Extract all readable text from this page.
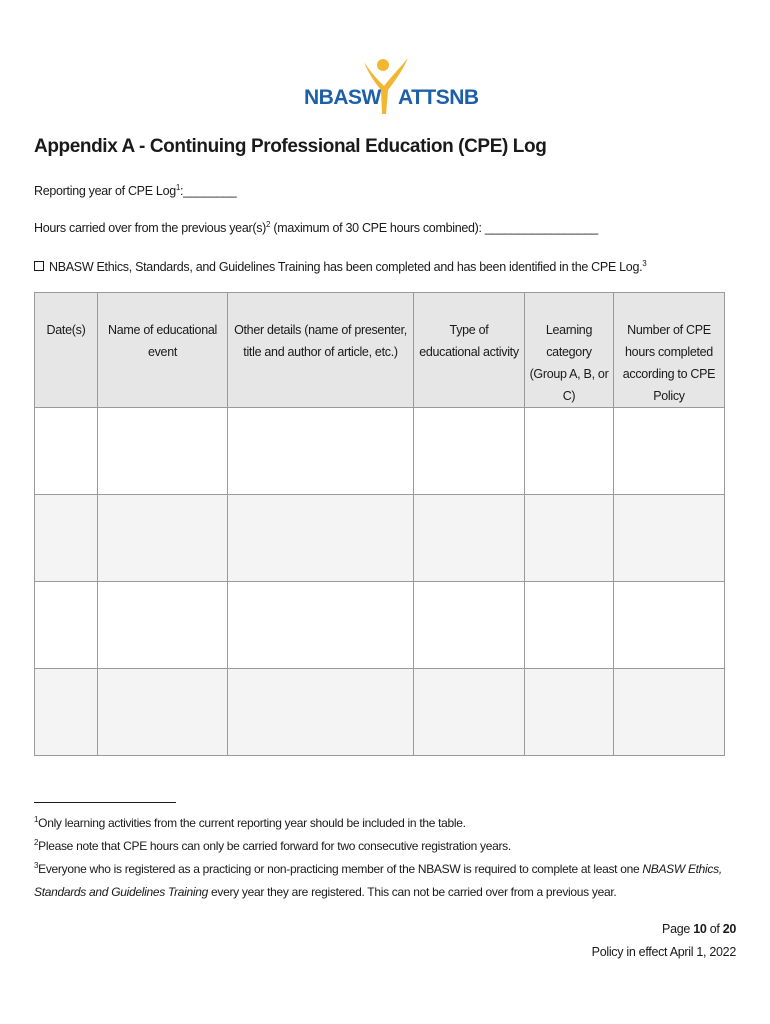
NBASW ATTSNB
Appendix A - Continuing Professional Education (CPE) Log
Reporting year of CPE Log$^1$:________
Hours carried over from the previous $year(s)^2$ (maximum of 30 CPE hours combined): _________________
NBASW Ethics, Standards, and Guidelines Training has been completed and has been identified in the CPE Log.$^3$
Date(s)	Name of educational event	Other details (name of presenter, title and author of article, etc.)	Type of educational activity	Learning category (Group A, B, or C)	Number of CPE hours completed according to CPE Policy

$^1$Only learning activities from the current reporting year should be included in the table.
$^2$Please note that CPE hours can only be carried forward for two consecutive registration years.
$^3$Everyone who is registered as a practicing or non-practicing member of the NBASW is required to complete at least one NBASW Ethics, Standards and Guidelines Training every year they are registered. This can not be carried over from a previous year.
Page 10 of 20
Policy in effect April 1, 2022
